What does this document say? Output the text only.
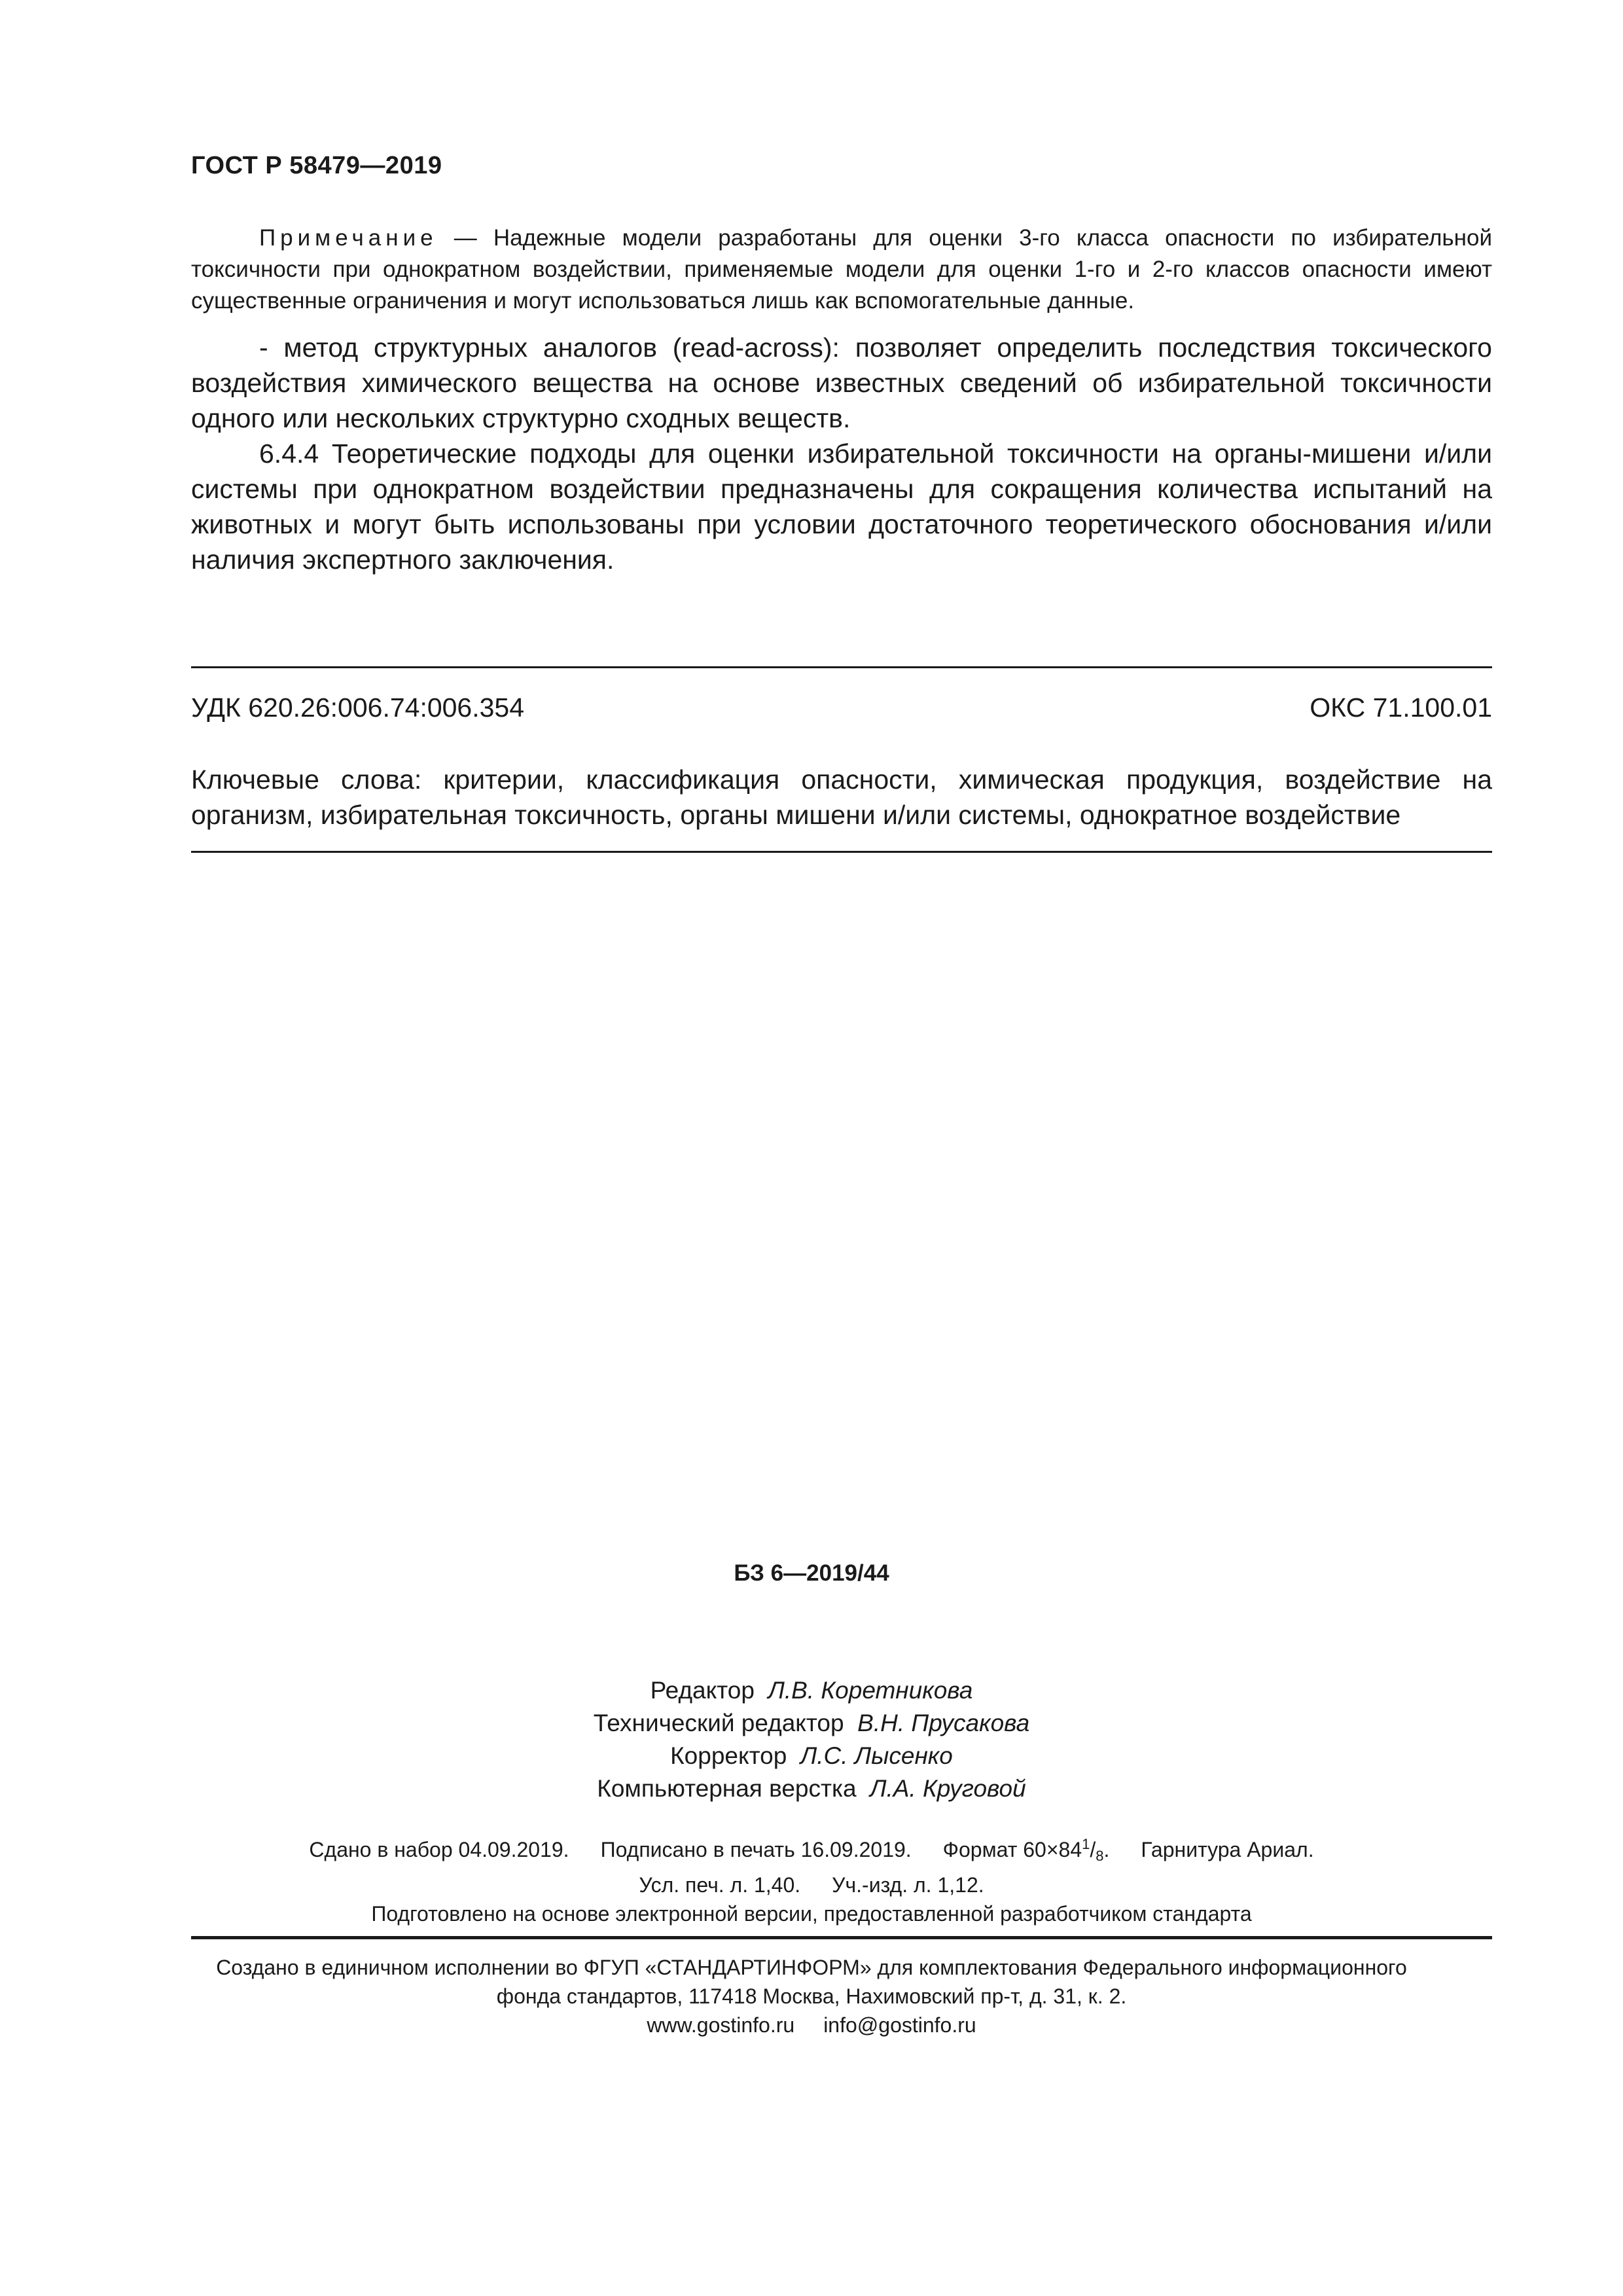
ГОСТ Р 58479—2019

Примечание — Надежные модели разработаны для оценки 3-го класса опасности по избирательной токсичности при однократном воздействии, применяемые модели для оценки 1-го и 2-го классов опасности имеют существенные ограничения и могут использоваться лишь как вспомогательные данные.

- метод структурных аналогов (read-across): позволяет определить последствия токсического воздействия химического вещества на основе известных сведений об избирательной токсичности одного или нескольких структурно сходных веществ.

6.4.4 Теоретические подходы для оценки избирательной токсичности на органы-мишени и/или системы при однократном воздействии предназначены для сокращения количества испытаний на животных и могут быть использованы при условии достаточного теоретического обоснования и/или наличия экспертного заключения.

УДК 620.26:006.74:006.354	ОКС 71.100.01

Ключевые слова: критерии, классификация опасности, химическая продукция, воздействие на организм, избирательная токсичность, органы мишени и/или системы, однократное воздействие

БЗ 6—2019/44
Редактор Л.В. Коретникова
Технический редактор В.Н. Прусакова
Корректор Л.С. Лысенко
Компьютерная верстка Л.А. Круговой
Сдано в набор 04.09.2019. Подписано в печать 16.09.2019. Формат $60\times 84^1/_8$. Гарнитура Ариал.
Усл. печ. л. 1,40. Уч.-изд. л. 1,12.
Подготовлено на основе электронной версии, предоставленной разработчиком стандарта
Создано в единичном исполнении во ФГУП «СТАНДАРТИНФОРМ» для комплектования Федерального информационного
фонда стандартов, 117418 Москва, Нахимовский пр-т, д. 31, к. 2.
www.gostinfo.ru info@gostinfo.ru
